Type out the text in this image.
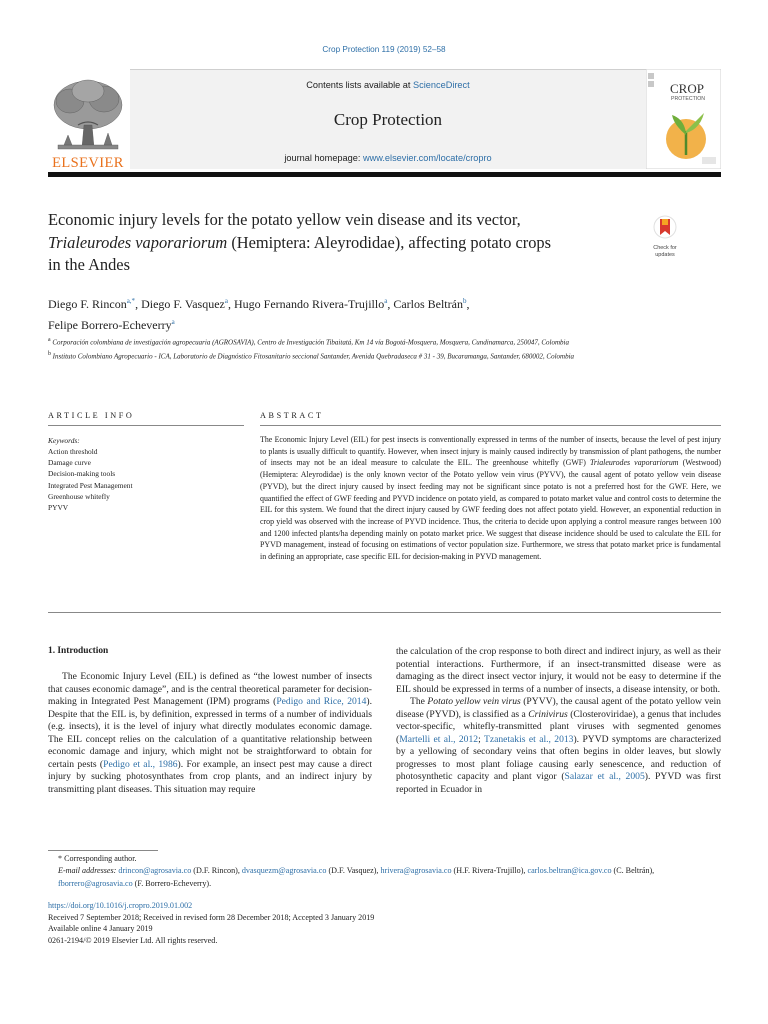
Crop Protection 119 (2019) 52–58
ELSEVIER
Contents lists available at ScienceDirect
Crop Protection
journal homepage: www.elsevier.com/locate/cropro
CROP
PROTECTION
Economic injury levels for the potato yellow vein disease and its vector,
Trialeurodes vaporariorum (Hemiptera: Aleyrodidae), affecting potato crops
in the Andes
Check for
updates
Diego F. Rincon$^{a,*}$, Diego F. Vasquez$^a$, Hugo Fernando Rivera-Trujillo$^a$, Carlos Beltrán$^b$,
Felipe Borrero-Echeverry$^a$
$^a$ Corporación colombiana de investigación agropecuaria (AGROSAVIA), Centro de Investigación Tibaitatá, Km 14 vía Bogotá-Mosquera, Mosquera, Cundinamarca, 250047, Colombia
$^b$ Instituto Colombiano Agropecuario - ICA, Laboratorio de Diagnóstico Fitosanitario seccional Santander, Avenida Quebradaseca # 31 - 39, Bucaramanga, Santander, 680002, Colombia
ARTICLE INFO	ABSTRACT
Keywords:
Action threshold
Damage curve
Decision-making tools
Integrated Pest Management
Greenhouse whitefly
PYVV
The Economic Injury Level (EIL) for pest insects is conventionally expressed in terms of the number of insects, because the level of pest injury to plants is usually difficult to quantify. However, when insect injury is mainly caused indirectly by transmission of plant pathogens, the number of insects may not be an ideal measure to calculate the EIL. The greenhouse whitefly (GWF) Trialeurodes vaporariorum (Westwood) (Hemiptera: Aleyrodidae) is the only known vector of the Potato yellow vein virus (PYVV), the causal agent of potato yellow vein disease (PYVD), but the direct injury caused by insect feeding may not be significant since potato is not a preferred host for the GWF. Here, we quantified the effect of GWF feeding and PYVD incidence on potato yield, as compared to potato market value and control costs to determine the EIL for this system. We found that the direct injury caused by GWF feeding does not affect potato yield. However, an exponential reduction in crop yield was observed with the increase of PYVD incidence. Thus, the criteria to decide upon applying a control measure ranges between 100 and 1200 infected plants/ha depending mainly on potato market price. We suggest that disease incidence should be used to calculate the EIL for PYVD management, instead of focusing on estimations of vector population size. Furthermore, we stress that potato market price is fundamental in defining an appropriate, case specific EIL for decision-making in PYVD management.
1. Introduction

The Economic Injury Level (EIL) is defined as “the lowest number of insects that causes economic damage”, and is the central theoretical parameter for decision-making in Integrated Pest Management (IPM) programs (Pedigo and Rice, 2014). Despite that the EIL is, by definition, expressed in terms of a number of individuals (e.g. insects), it is the level of injury what directly modulates economic damage. The EIL concept relies on the calculation of a quantitative relationship between economic damage and injury, which might not be straightforward to obtain for certain pests (Pedigo et al., 1986). For example, an insect pest may cause a direct injury by sucking photosynthates from crop plants, and an indirect injury by transmitting plant diseases. This situation may require

the calculation of the crop response to both direct and indirect injury, as well as their potential interactions. Furthermore, if an insect-transmitted disease were as damaging as the direct insect vector injury, it would not be easy to determine if the EIL should be expressed in terms of a number of insects, a disease intensity, or both.

The Potato yellow vein virus (PYVV), the causal agent of the potato yellow vein disease (PYVD), is classified as a Crinivirus (Closteroviridae), a genus that includes vector-specific, whitefly-transmitted plant viruses with segmented genomes (Martelli et al., 2012; Tzanetakis et al., 2013). PYVD symptoms are characterized by a yellowing of secondary veins that often begins in older leaves, but slowly progresses to most plant foliage causing early senescence, and reduction of photosynthetic capacity and plant vigor (Salazar et al., 2005). PYVD was first reported in Ecuador in

* Corresponding author.
E-mail addresses: drincon@agrosavia.co (D.F. Rincon), dvasquezm@agrosavia.co (D.F. Vasquez), hrivera@agrosavia.co (H.F. Rivera-Trujillo), carlos.beltran@ica.gov.co (C. Beltrán), fborrero@agrosavia.co (F. Borrero-Echeverry).
https://doi.org/10.1016/j.cropro.2019.01.002
Received 7 September 2018; Received in revised form 28 December 2018; Accepted 3 January 2019
Available online 4 January 2019
0261-2194/© 2019 Elsevier Ltd. All rights reserved.
